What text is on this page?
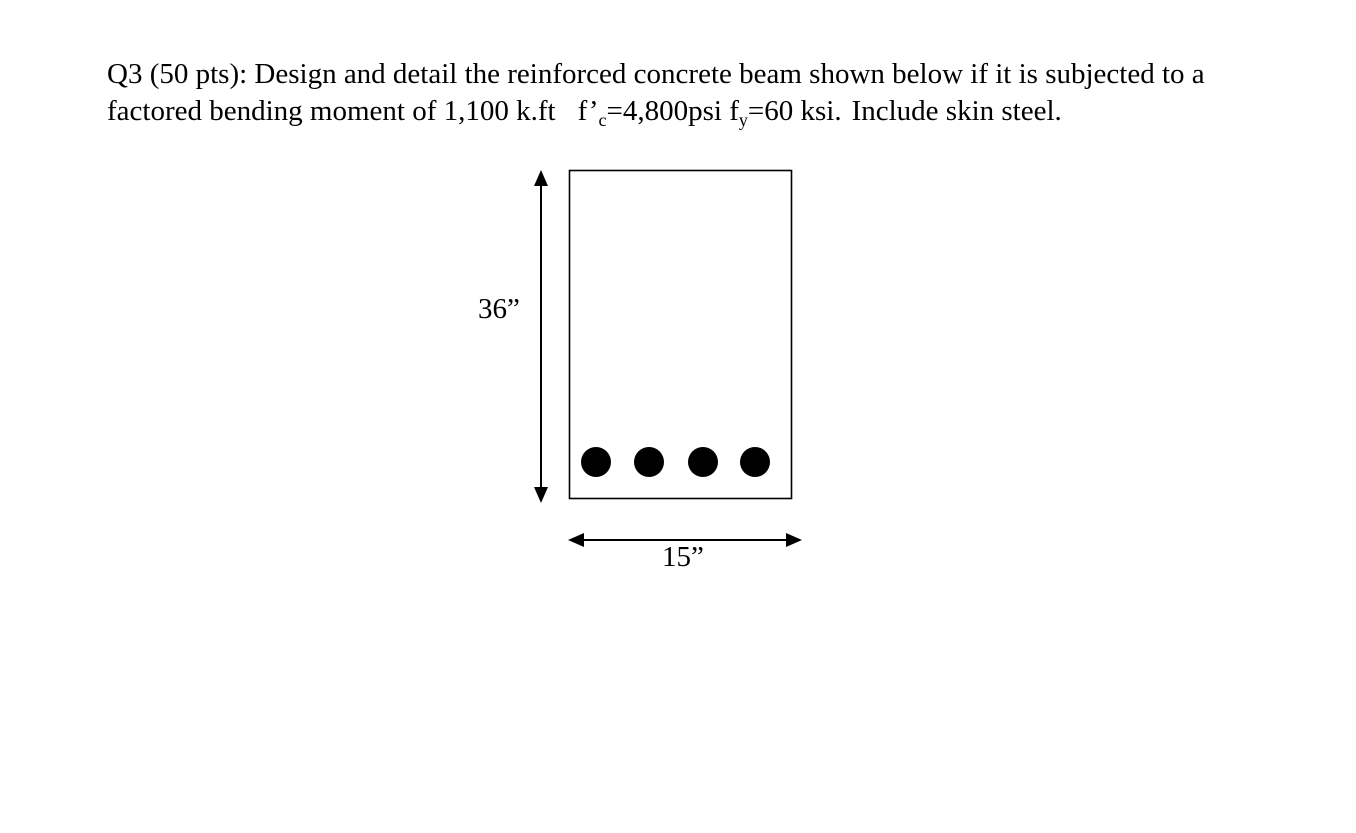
Q3 (50 pts): Design and detail the reinforced concrete beam shown below if it is subjected to a
factored bending moment of 1,100 k.ft $f’_c=4,800psi$ $f_y=60$ ksi. Include skin steel.
36”
15”
